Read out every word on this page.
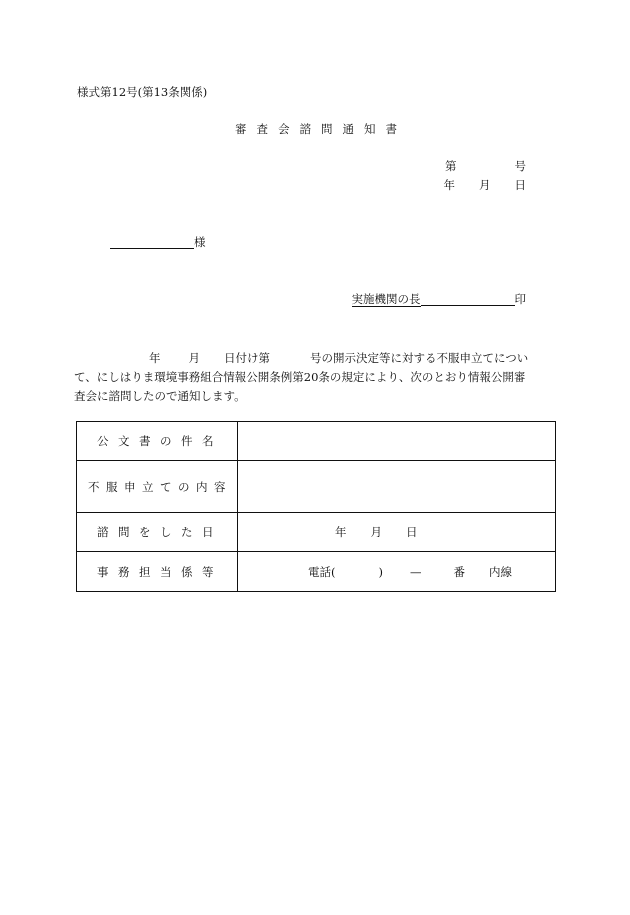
様式第12号(第13条関係)
審査会諮問通知書
第	号
年 月 日
様
実施機関の長	印

年 月 日付け第	号の開示決定等に対する不服申立てについ

て、にしはりま環境事務組合情報公開条例第20条の規定により、次のとおり情報公開審

査会に諮問したので通知します。

公文書の件名	
不服申立ての内容	
諮問をした日	年 月 日
事務担当係等	電話( ) — 番 内線
